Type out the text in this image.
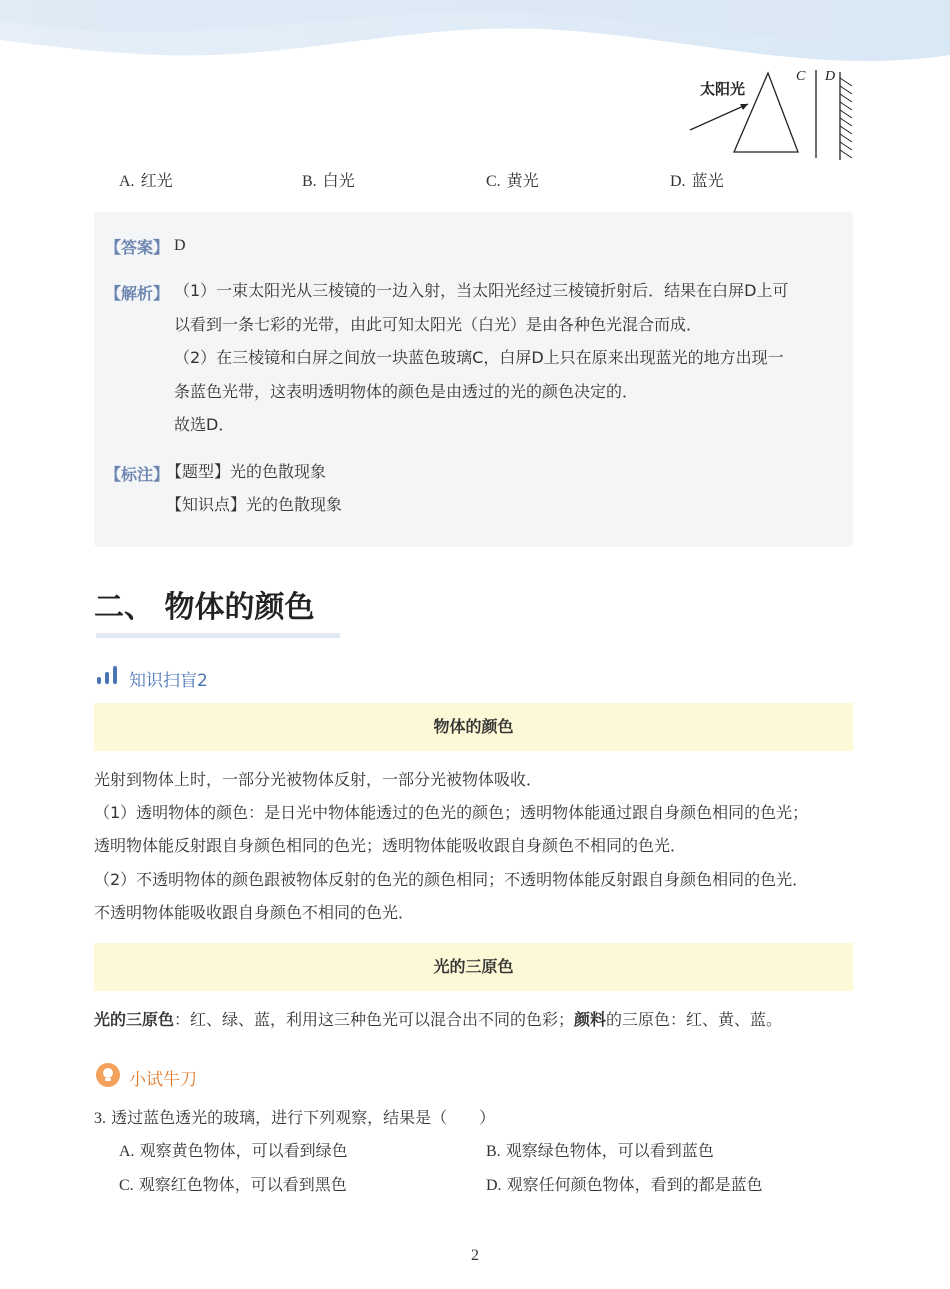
太阳光
C D
A. 红光	B. 白光	C. 黄光	D. 蓝光
【答案】 D
【解析】 （1）一束太阳光从三棱镜的一边入射，当太阳光经过三棱镜折射后．结果在白屏D上可
以看到一条七彩的光带，由此可知太阳光（白光）是由各种色光混合而成．
（2）在三棱镜和白屏之间放一块蓝色玻璃C，白屏D上只在原来出现蓝光的地方出现一
条蓝色光带，这表明透明物体的颜色是由透过的光的颜色决定的．
故选D．
【标注】
【题型】光的色散现象
【知识点】光的色散现象
二、 物体的颜色
知识扫盲2
物体的颜色
光射到物体上时，一部分光被物体反射，一部分光被物体吸收．
（1）透明物体的颜色：是日光中物体能透过的色光的颜色；透明物体能通过跟自身颜色相同的色光；
透明物体能反射跟自身颜色相同的色光；透明物体能吸收跟自身颜色不相同的色光．
（2）不透明物体的颜色跟被物体反射的色光的颜色相同；不透明物体能反射跟自身颜色相同的色光．
不透明物体能吸收跟自身颜色不相同的色光．
光的三原色
光的三原色：红、绿、蓝，利用这三种色光可以混合出不同的色彩；颜料的三原色：红、黄、蓝。
小试牛刀
3. 透过蓝色透光的玻璃，进行下列观察，结果是（　　）
A. 观察黄色物体，可以看到绿色	B. 观察绿色物体，可以看到蓝色
C. 观察红色物体，可以看到黑色	D. 观察任何颜色物体，看到的都是蓝色
2
